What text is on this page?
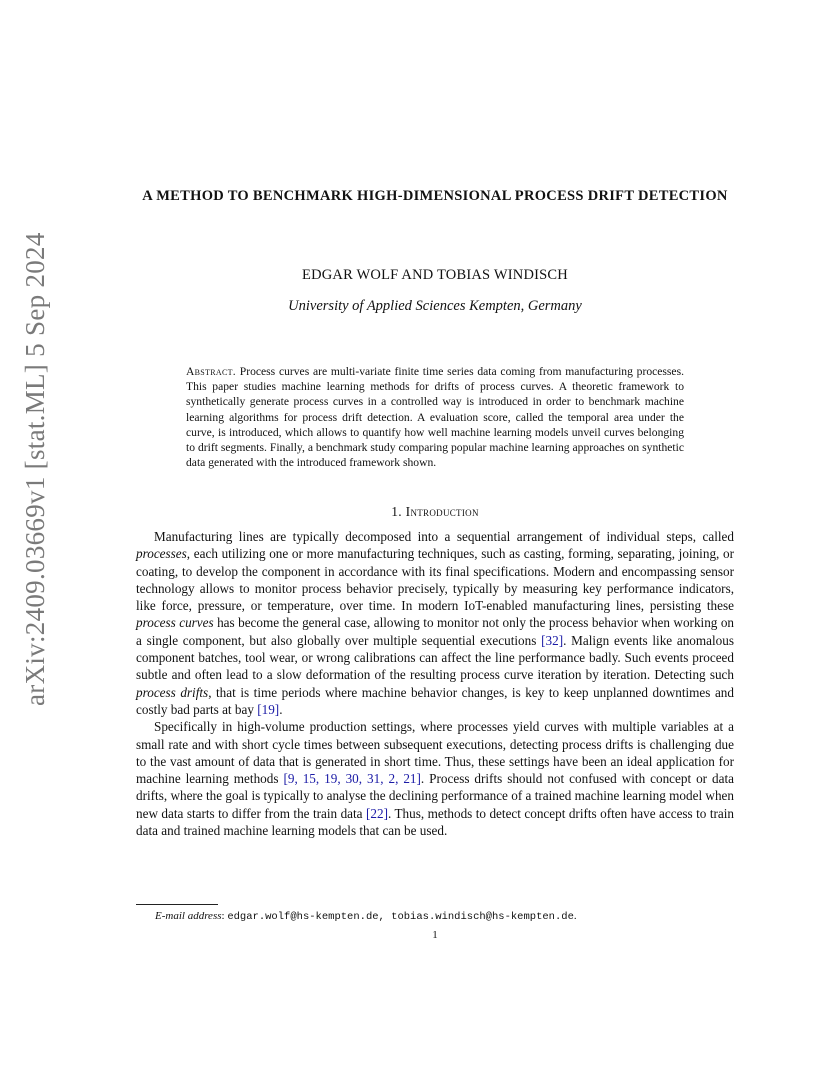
arXiv:2409.03669v1 [stat.ML] 5 Sep 2024
A METHOD TO BENCHMARK HIGH-DIMENSIONAL PROCESS DRIFT DETECTION
EDGAR WOLF AND TOBIAS WINDISCH
University of Applied Sciences Kempten, Germany
Abstract. Process curves are multi-variate finite time series data coming from manufacturing processes. This paper studies machine learning methods for drifts of process curves. A theoretic framework to synthetically generate process curves in a controlled way is introduced in order to benchmark machine learning algorithms for process drift detection. A evaluation score, called the temporal area under the curve, is introduced, which allows to quantify how well machine learning models unveil curves belonging to drift segments. Finally, a benchmark study comparing popular machine learning approaches on synthetic data generated with the introduced framework shown.
1. Introduction

Manufacturing lines are typically decomposed into a sequential arrangement of individual steps, called processes, each utilizing one or more manufacturing techniques, such as casting, forming, separating, joining, or coating, to develop the component in accordance with its final specifications. Modern and encompassing sensor technology allows to monitor process behavior precisely, typically by measuring key performance indicators, like force, pressure, or temperature, over time. In modern IoT-enabled manufacturing lines, persisting these process curves has become the general case, allowing to monitor not only the process behavior when working on a single component, but also globally over multiple sequential executions [32]. Malign events like anomalous component batches, tool wear, or wrong calibrations can affect the line performance badly. Such events proceed subtle and often lead to a slow deformation of the resulting process curve iteration by iteration. Detecting such process drifts, that is time periods where machine behavior changes, is key to keep unplanned downtimes and costly bad parts at bay [19].

Specifically in high-volume production settings, where processes yield curves with multiple variables at a small rate and with short cycle times between subsequent executions, detecting process drifts is challenging due to the vast amount of data that is generated in short time. Thus, these settings have been an ideal application for machine learning methods [9, 15, 19, 30, 31, 2, 21]. Process drifts should not confused with concept or data drifts, where the goal is typically to analyse the declining performance of a trained machine learning model when new data starts to differ from the train data [22]. Thus, methods to detect concept drifts often have access to train data and trained machine learning models that can be used.

E-mail address: edgar.wolf@hs-kempten.de, tobias.windisch@hs-kempten.de.
1
